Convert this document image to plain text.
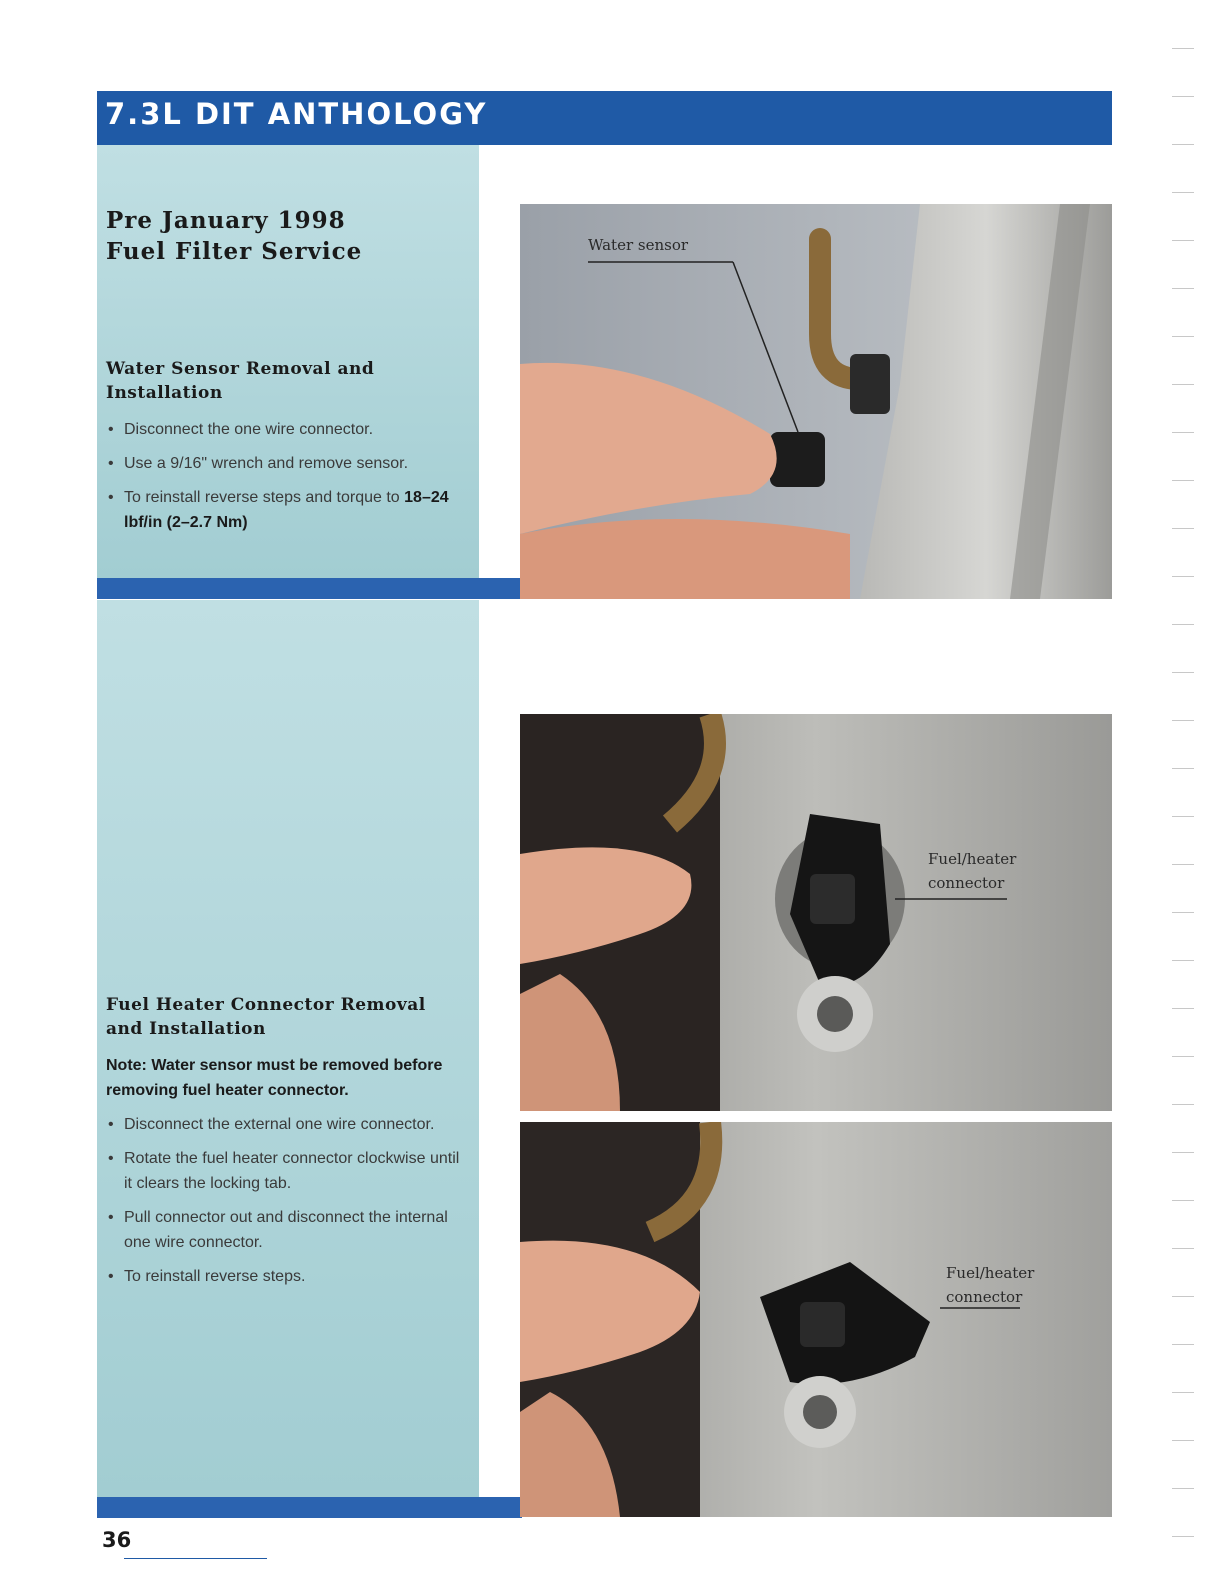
7.3L DIT ANTHOLOGY
Pre January 1998
Fuel Filter Service
Water Sensor Removal and Installation
• Disconnect the one wire connector.
• Use a 9/16" wrench and remove sensor.
• To reinstall reverse steps and torque to 18–24 lbf/in (2–2.7 Nm)
Fuel Heater Connector Removal and Installation

Note: Water sensor must be removed before removing fuel heater connector.

• Disconnect the external one wire connector.
• Rotate the fuel heater connector clockwise until it clears the locking tab.
• Pull connector out and disconnect the internal one wire connector.
• To reinstall reverse steps.
Water sensor
Fuel/heater
connector
Fuel/heater
connector

36
